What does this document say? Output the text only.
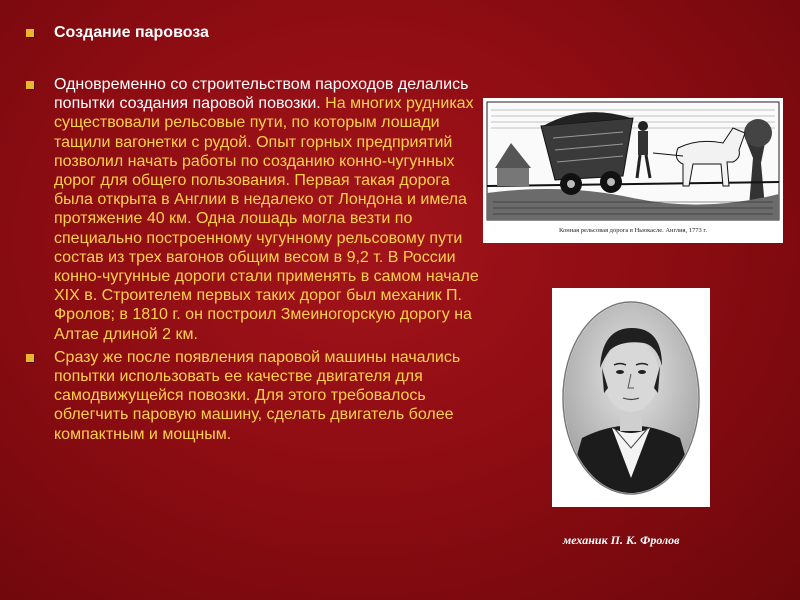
Создание паровоза
Одновременно со строительством пароходов делались попытки создания паровой повозки. На многих рудниках существовали рельсовые пути, по которым лошади тащили вагонетки с рудой. Опыт горных предприятий позволил начать работы по созданию конно-чугунных дорог для общего пользования. Первая такая дорога была открыта в Англии в недалеко от Лондона и имела протяжение 40 км. Одна лошадь могла везти по специально построенному чугунному рельсовому пути состав из трех вагонов общим весом в 9,2 т. В России конно-чугунные дороги стали применять в самом начале XIX в. Строителем первых таких дорог был механик П. Фролов; в 1810 г. он построил Змеиногорскую дорогу на Алтае длиной 2 км.
Сразу же после появления паровой машины начались попытки использовать ее качестве двигателя для самодвижущейся повозки. Для этого требовалось облегчить паровую машину, сделать двигатель более компактным и мощным.
Конная рельсовая дорога в Ньюкасле. Англия, 1773 г.
механик П. К. Фролов
